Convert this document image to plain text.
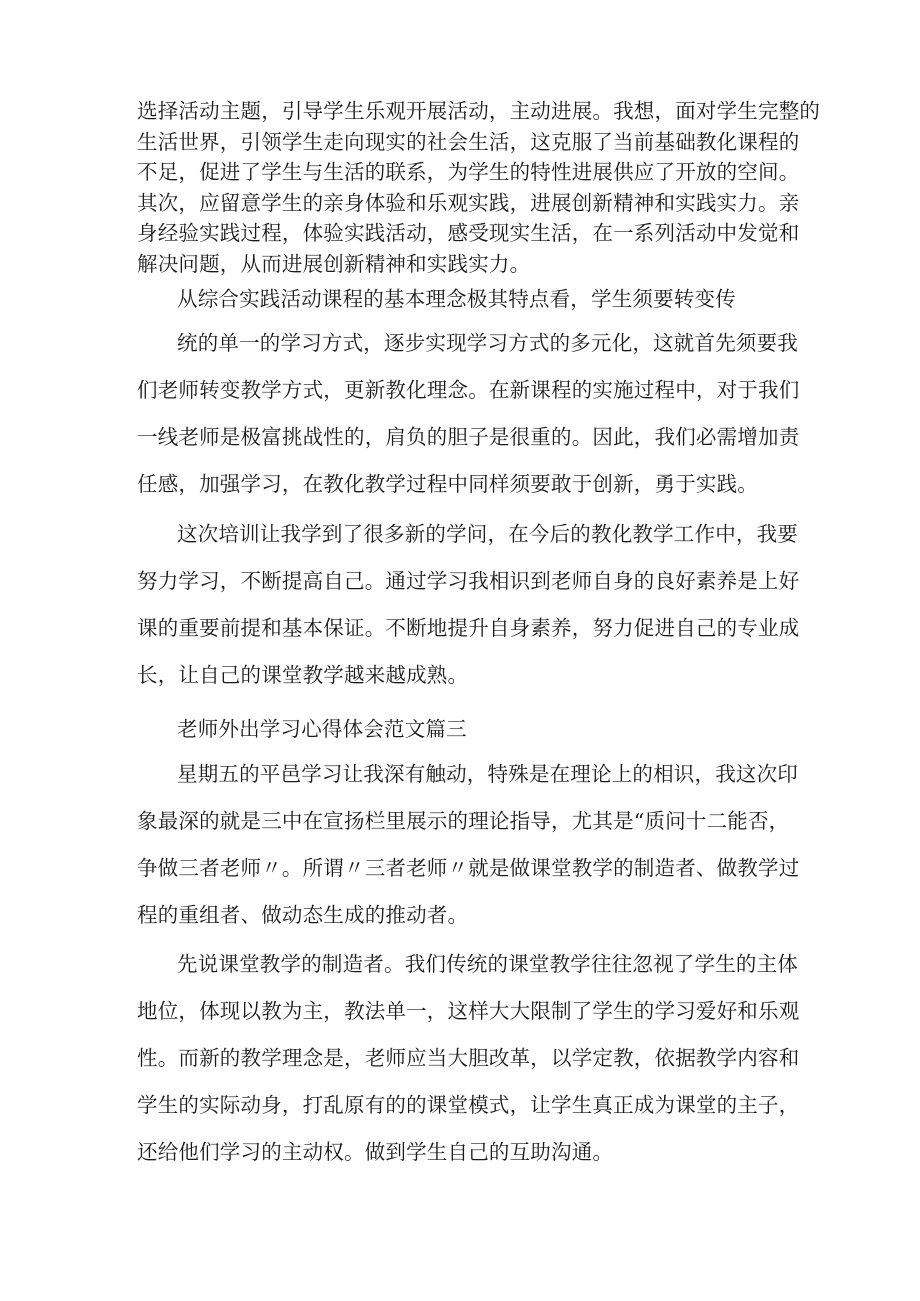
选择活动主题，引导学生乐观开展活动，主动进展。我想，面对学生完整的
生活世界，引领学生走向现实的社会生活，这克服了当前基础教化课程的
不足，促进了学生与生活的联系，为学生的特性进展供应了开放的空间。
其次，应留意学生的亲身体验和乐观实践，进展创新精神和实践实力。亲
身经验实践过程，体验实践活动，感受现实生活，在一系列活动中发觉和
解决问题，从而进展创新精神和实践实力。
从综合实践活动课程的基本理念极其特点看，学生须要转变传
统的单一的学习方式，逐步实现学习方式的多元化，这就首先须要我
们老师转变教学方式，更新教化理念。在新课程的实施过程中，对于我们
一线老师是极富挑战性的，肩负的胆子是很重的。因此，我们必需增加责
任感，加强学习，在教化教学过程中同样须要敢于创新，勇于实践。
这次培训让我学到了很多新的学问，在今后的教化教学工作中，我要
努力学习，不断提高自己。通过学习我相识到老师自身的良好素养是上好
课的重要前提和基本保证。不断地提升自身素养，努力促进自己的专业成
长，让自己的课堂教学越来越成熟。
老师外出学习心得体会范文篇三
星期五的平邑学习让我深有触动，特殊是在理论上的相识，我这次印
象最深的就是三中在宣扬栏里展示的理论指导，尤其是“质问十二能否，
争做三者老师〃。所谓〃三者老师〃就是做课堂教学的制造者、做教学过
程的重组者、做动态生成的推动者。
先说课堂教学的制造者。我们传统的课堂教学往往忽视了学生的主体
地位，体现以教为主，教法单一，这样大大限制了学生的学习爱好和乐观
性。而新的教学理念是，老师应当大胆改革，以学定教，依据教学内容和
学生的实际动身，打乱原有的的课堂模式，让学生真正成为课堂的主子，
还给他们学习的主动权。做到学生自己的互助沟通。
